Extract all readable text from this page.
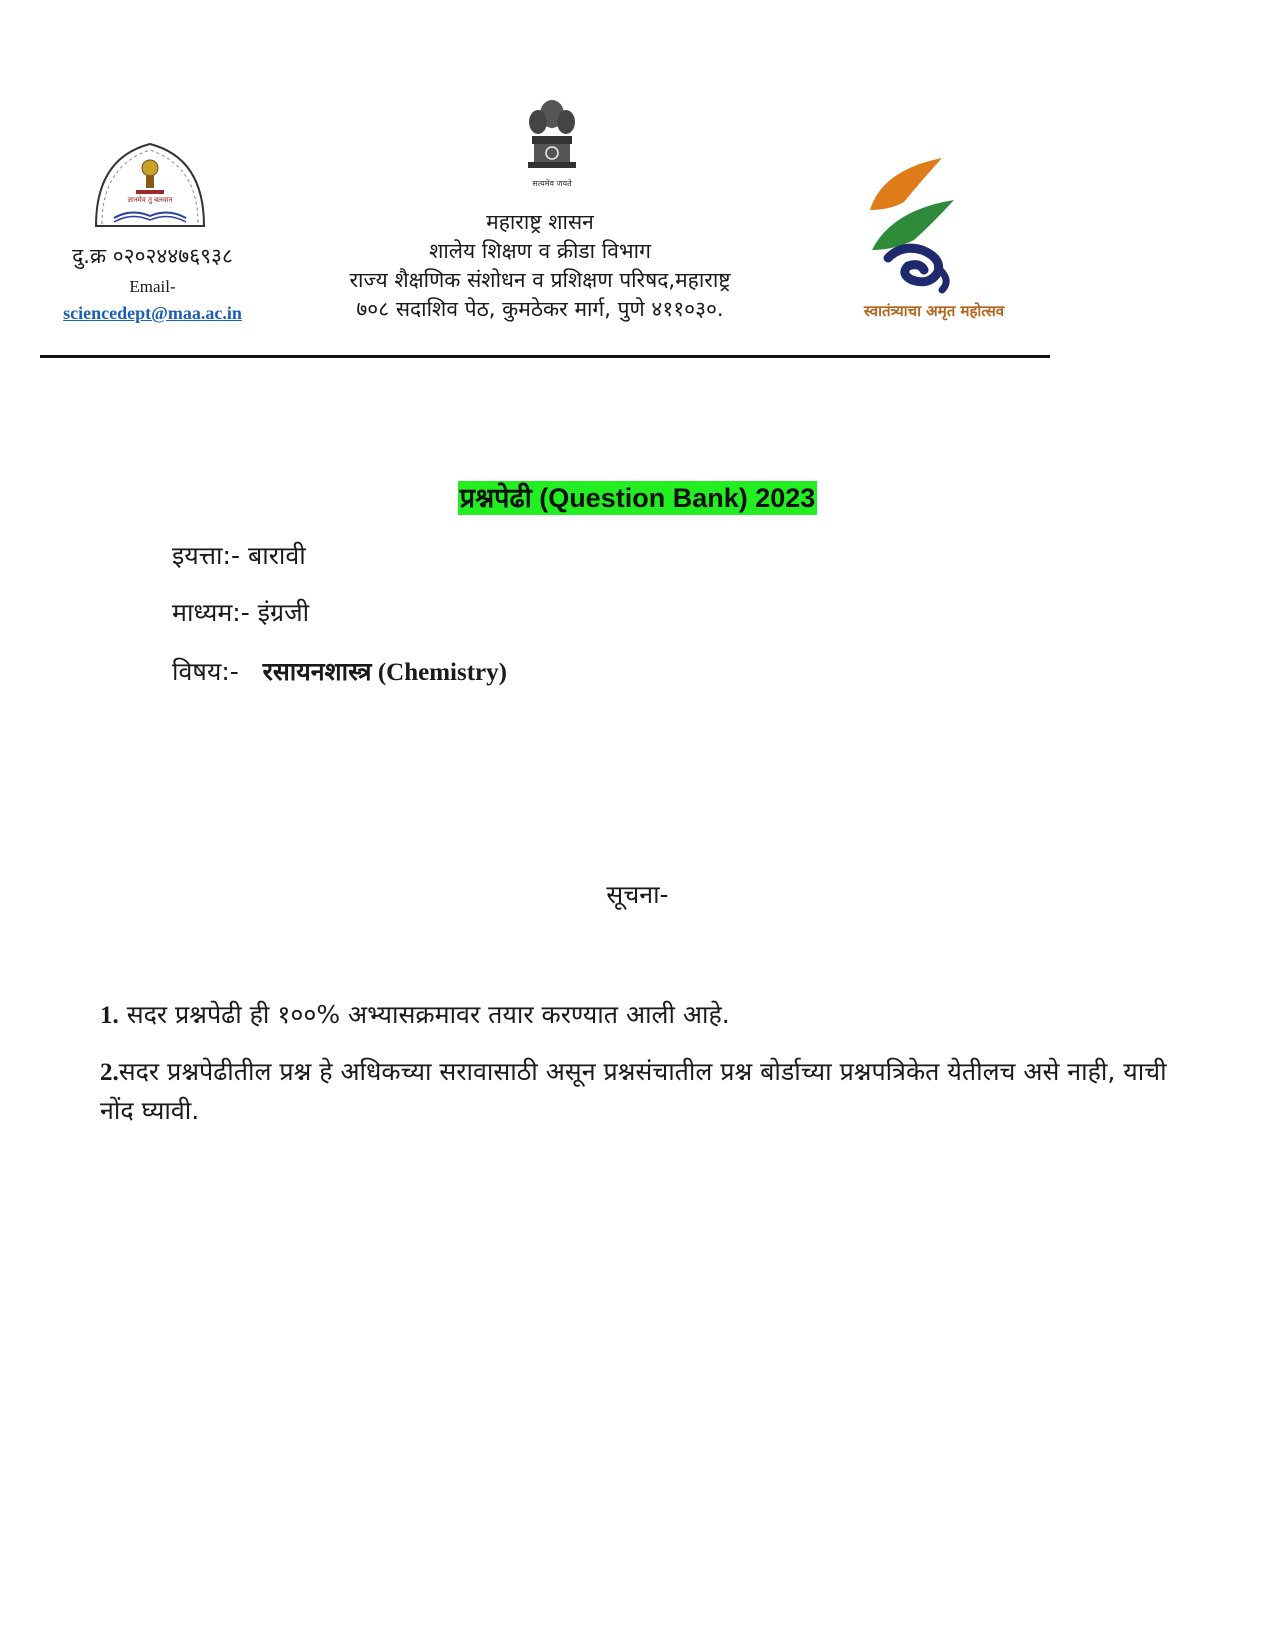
ज्ञानमेव तु बलवान
दु.क्र ०२०२४४७६९३८
Email-
sciencedept@maa.ac.in
सत्यमेव जयते
महाराष्ट्र शासन
शालेय शिक्षण व क्रीडा विभाग
राज्य शैक्षणिक संशोधन व प्रशिक्षण परिषद,महाराष्ट्र
७०८ सदाशिव पेठ, कुमठेकर मार्ग, पुणे ४११०३०.	स्वातंत्र्याचा अमृत महोत्सव
प्रश्नपेढी (Question Bank) 2023
इयत्ता:- बारावी
माध्यम:- इंग्रजी
विषय:- रसायनशास्त्र (Chemistry)
सूचना-
1. सदर प्रश्नपेढी ही १००% अभ्यासक्रमावर तयार करण्यात आली आहे.
2.सदर प्रश्नपेढीतील प्रश्न हे अधिकच्या सरावासाठी असून प्रश्नसंचातील प्रश्न बोर्डाच्या प्रश्नपत्रिकेत येतीलच असे नाही, याची नोंद घ्यावी.
